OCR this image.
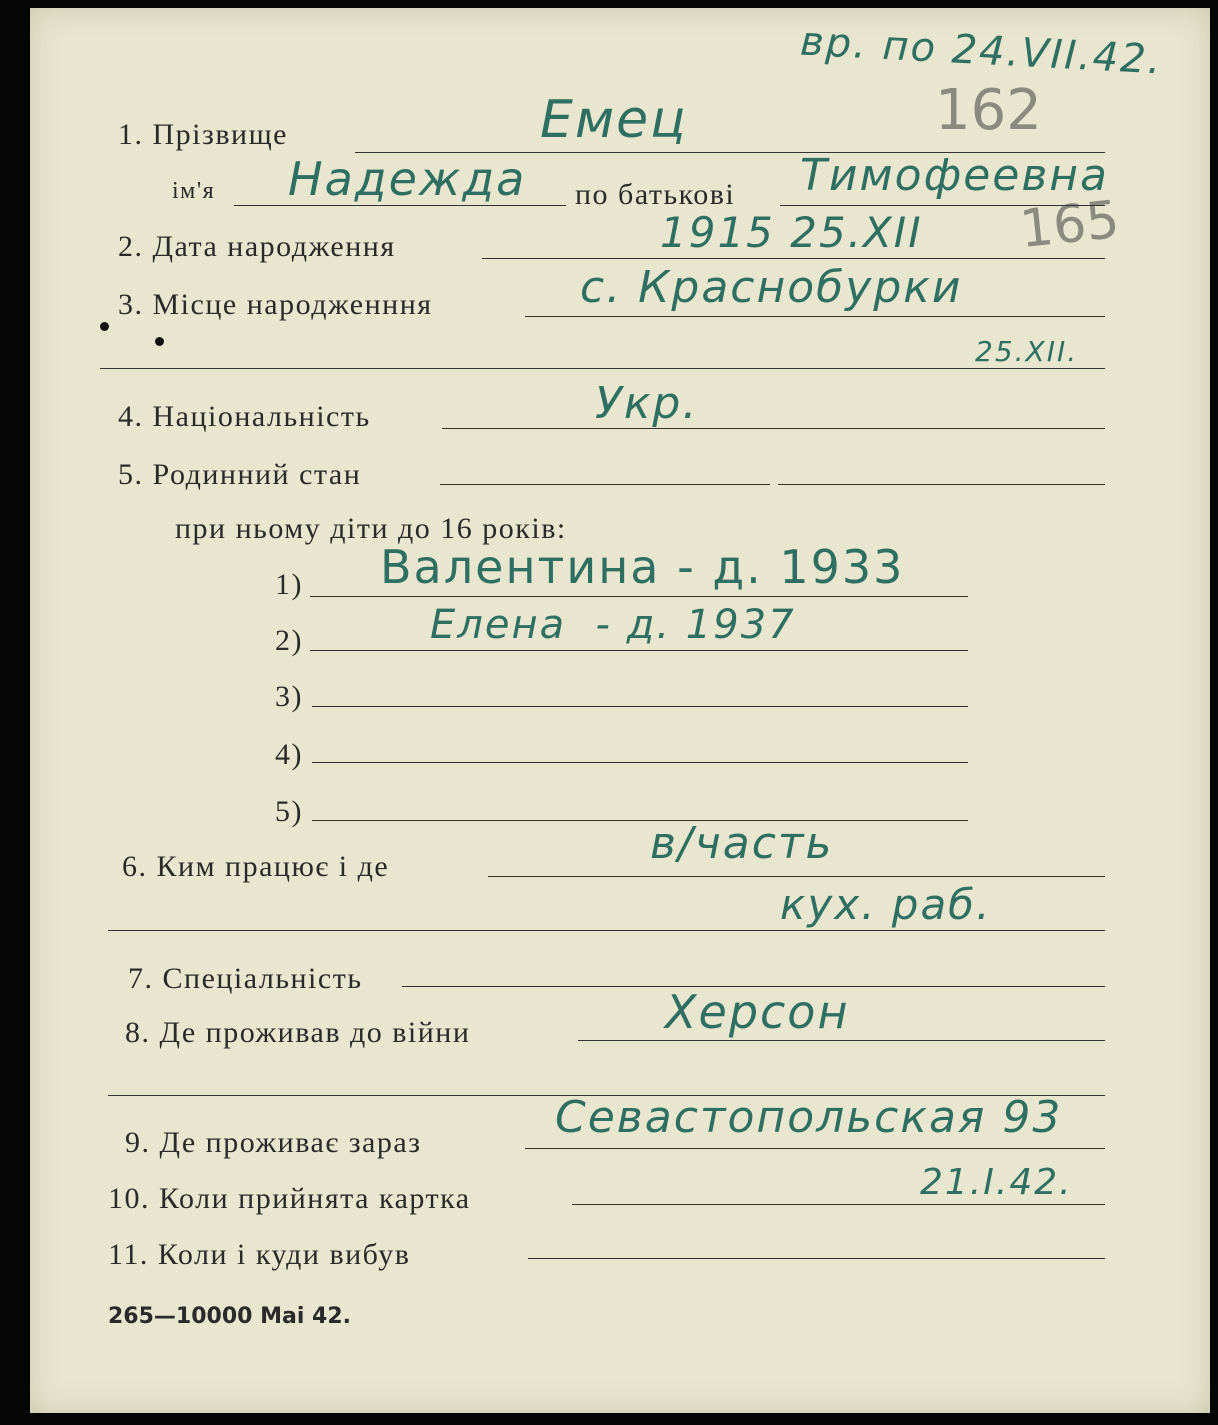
вр. по 24.VII.42.
162
165
1. Прізвище	Емец
ім'я Надежда по батькові Тимофеевна
2. Дата народження	1915 25.XII
3. Місце народженння	с. Краснобурки
25.XII.
4. Національність	Укр.
5. Родинний стан
при ньому діти до 16 років:
1) Валентина - д. 1933
2)	Елена  - д. 1937
3)
4)
5)
6. Ким працює і де	в/часть
кух. раб.
7. Спеціальність
8. Де проживав до війни	Херсон
9. Де проживає зараз	Севастопольская 93
10. Коли прийнята картка	21.I.42.
11. Коли і куди вибув
265—10000 Mai 42.
